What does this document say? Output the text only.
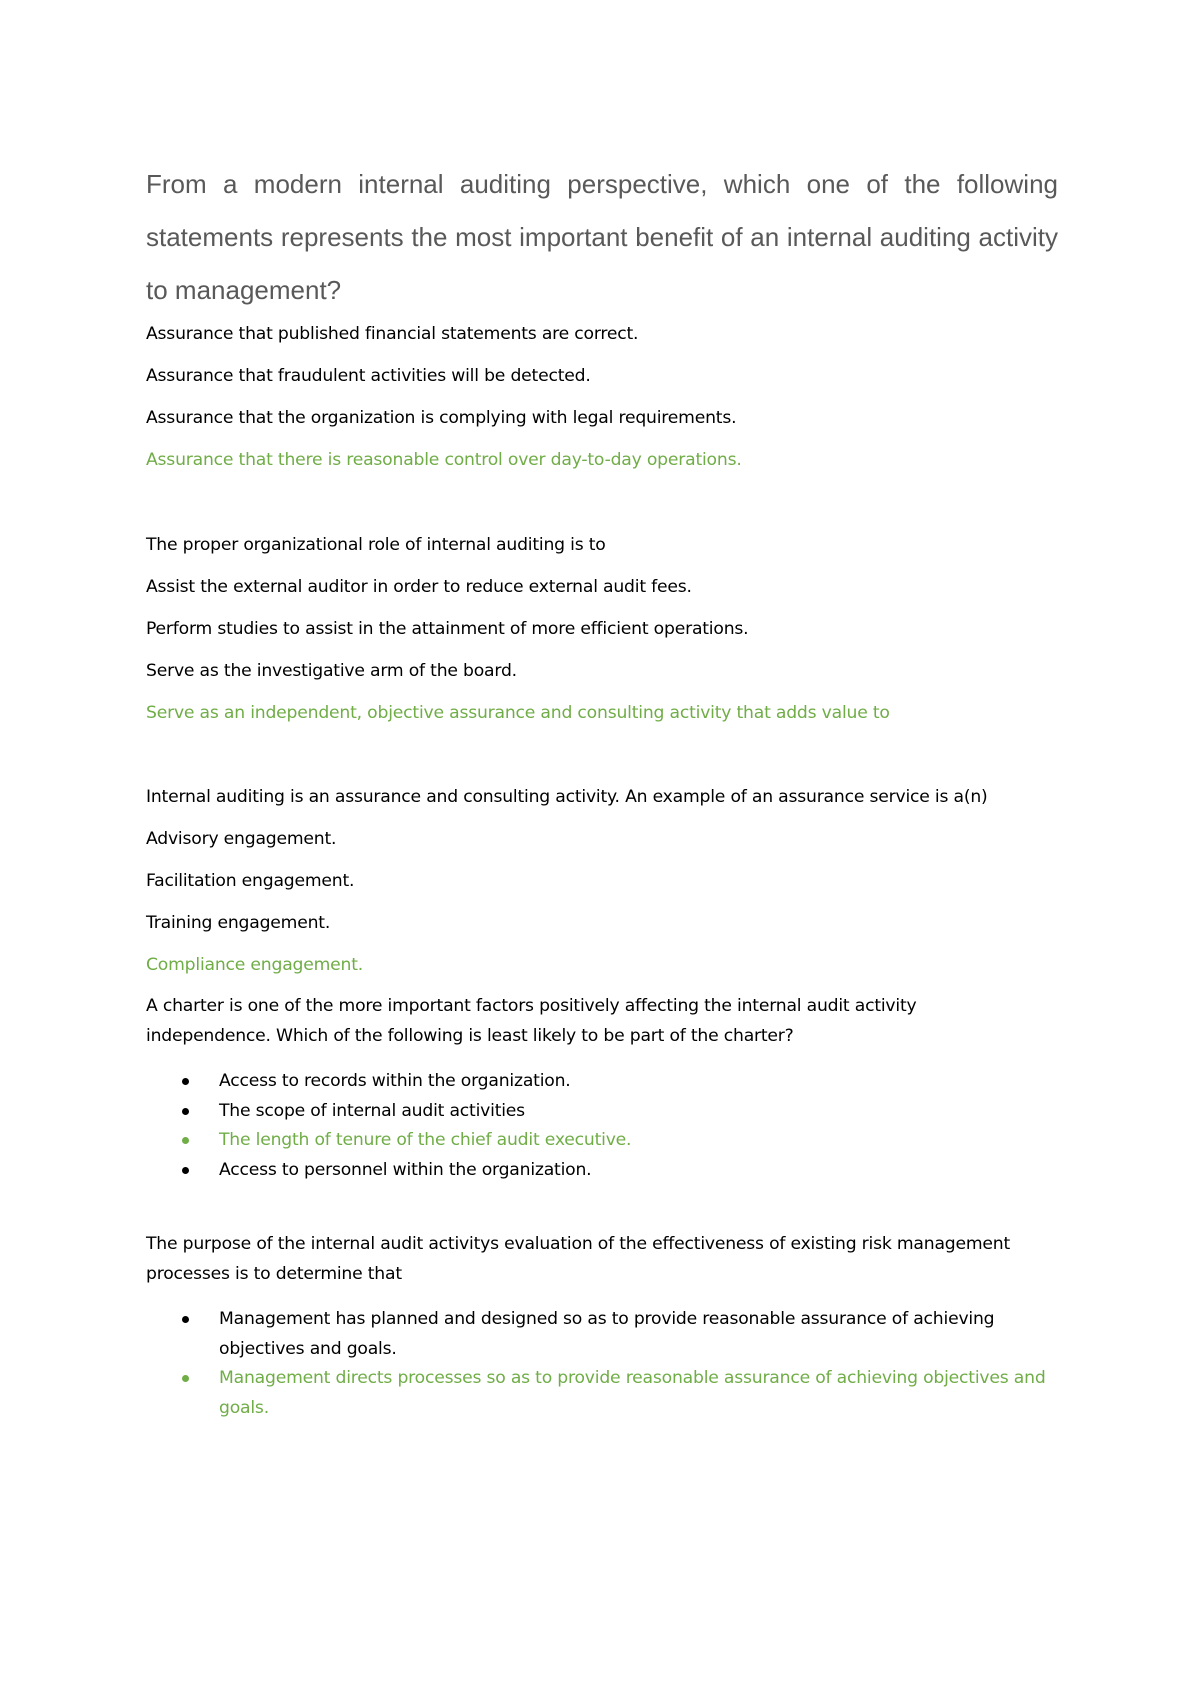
From a modern internal auditing perspective, which one of the following statements represents the most important benefit of an internal auditing activity to management?

Assurance that published financial statements are correct.

Assurance that fraudulent activities will be detected.

Assurance that the organization is complying with legal requirements.

Assurance that there is reasonable control over day-to-day operations.

The proper organizational role of internal auditing is to

Assist the external auditor in order to reduce external audit fees.

Perform studies to assist in the attainment of more efficient operations.

Serve as the investigative arm of the board.

Serve as an independent, objective assurance and consulting activity that adds value to

Internal auditing is an assurance and consulting activity. An example of an assurance service is a(n)

Advisory engagement.

Facilitation engagement.

Training engagement.

Compliance engagement.

A charter is one of the more important factors positively affecting the internal audit activity independence. Which of the following is least likely to be part of the charter?

Access to records within the organization.
The scope of internal audit activities
The length of tenure of the chief audit executive.
Access to personnel within the organization.

The purpose of the internal audit activitys evaluation of the effectiveness of existing risk management processes is to determine that

Management has planned and designed so as to provide reasonable assurance of achieving objectives and goals.
Management directs processes so as to provide reasonable assurance of achieving objectives and goals.
